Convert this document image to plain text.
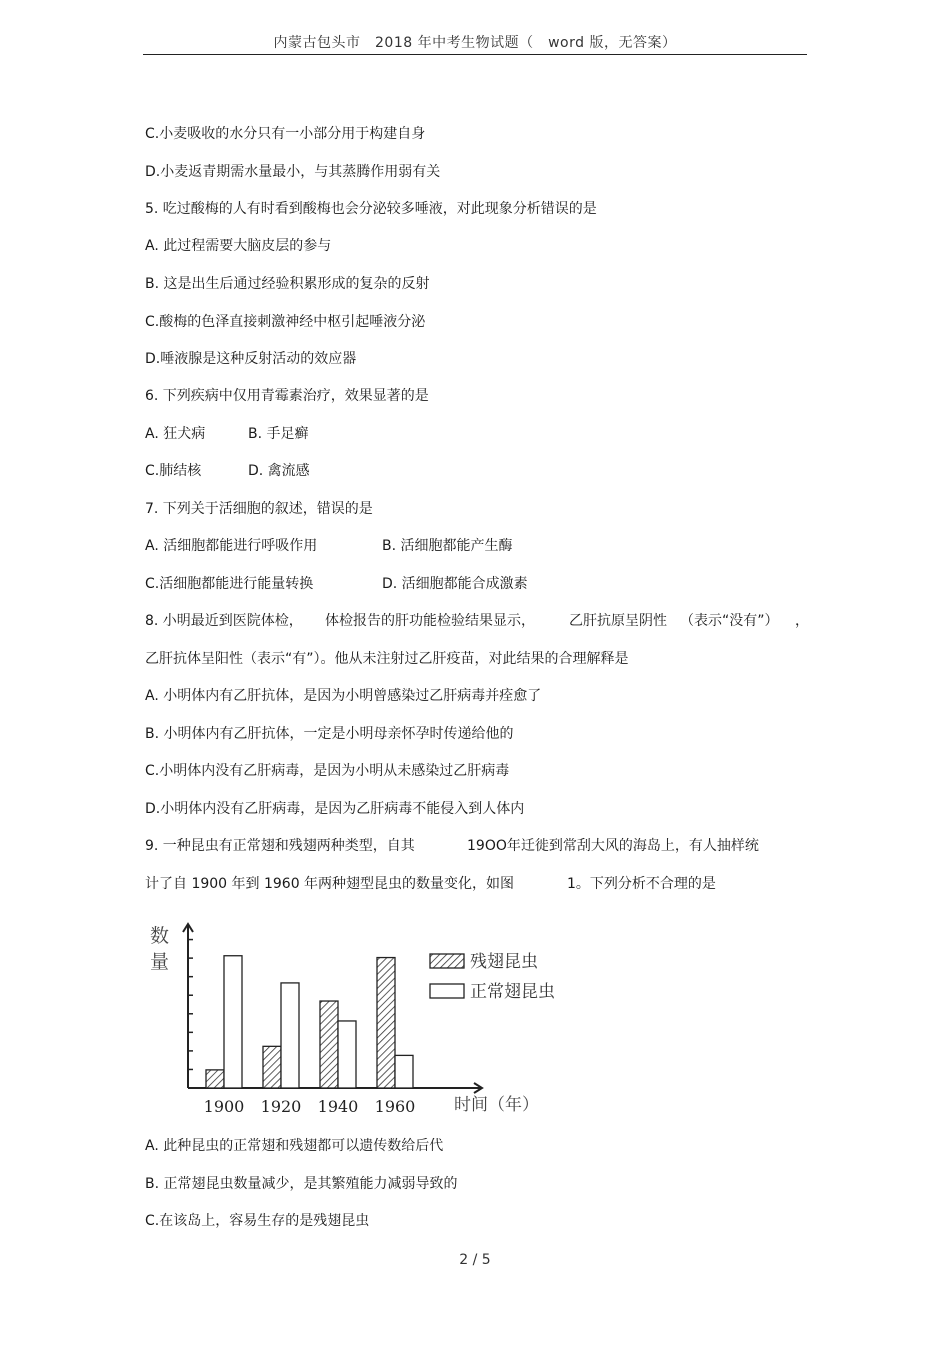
内蒙古包头市　2018 年中考生物试题（　word 版，无答案）
C.小麦吸收的水分只有一小部分用于构建自身
D.小麦返青期需水量最小，与其蒸腾作用弱有关
5. 吃过酸梅的人有时看到酸梅也会分泌较多唾液，对此现象分析错误的是
A. 此过程需要大脑皮层的参与
B. 这是出生后通过经验积累形成的复杂的反射
C.酸梅的色泽直接刺激神经中枢引起唾液分泌
D.唾液腺是这种反射活动的效应器
6. 下列疾病中仅用青霉素治疗，效果显著的是
A. 狂犬病	B. 手足癣
C.肺结核	D. 禽流感
7. 下列关于活细胞的叙述，错误的是
A. 活细胞都能进行呼吸作用	B. 活细胞都能产生酶
C.活细胞都能进行能量转换	D. 活细胞都能合成激素
8. 小明最近到医院体检， 体检报告的肝功能检验结果显示， 乙肝抗原呈阴性 （表示“没有”） ，
乙肝抗体呈阳性（表示“有”）。他从未注射过乙肝疫苗，对此结果的合理解释是
A. 小明体内有乙肝抗体，是因为小明曾感染过乙肝病毒并痊愈了
B. 小明体内有乙肝抗体，一定是小明母亲怀孕时传递给他的
C.小明体内没有乙肝病毒，是因为小明从未感染过乙肝病毒
D.小明体内没有乙肝病毒，是因为乙肝病毒不能侵入到人体内
9. 一种昆虫有正常翅和残翅两种类型，自其	19OO年迁徙到常刮大风的海岛上，有人抽样统
计了自 1900 年到 1960 年两种翅型昆虫的数量变化，如图	1。下列分析不合理的是
1900 1920 1940 1960
残翅昆虫
正常翅昆虫
数
量
时间（年）
A. 此种昆虫的正常翅和残翅都可以遗传数给后代
B. 正常翅昆虫数量减少，是其繁殖能力减弱导致的
C.在该岛上，容易生存的是残翅昆虫
2 / 5
